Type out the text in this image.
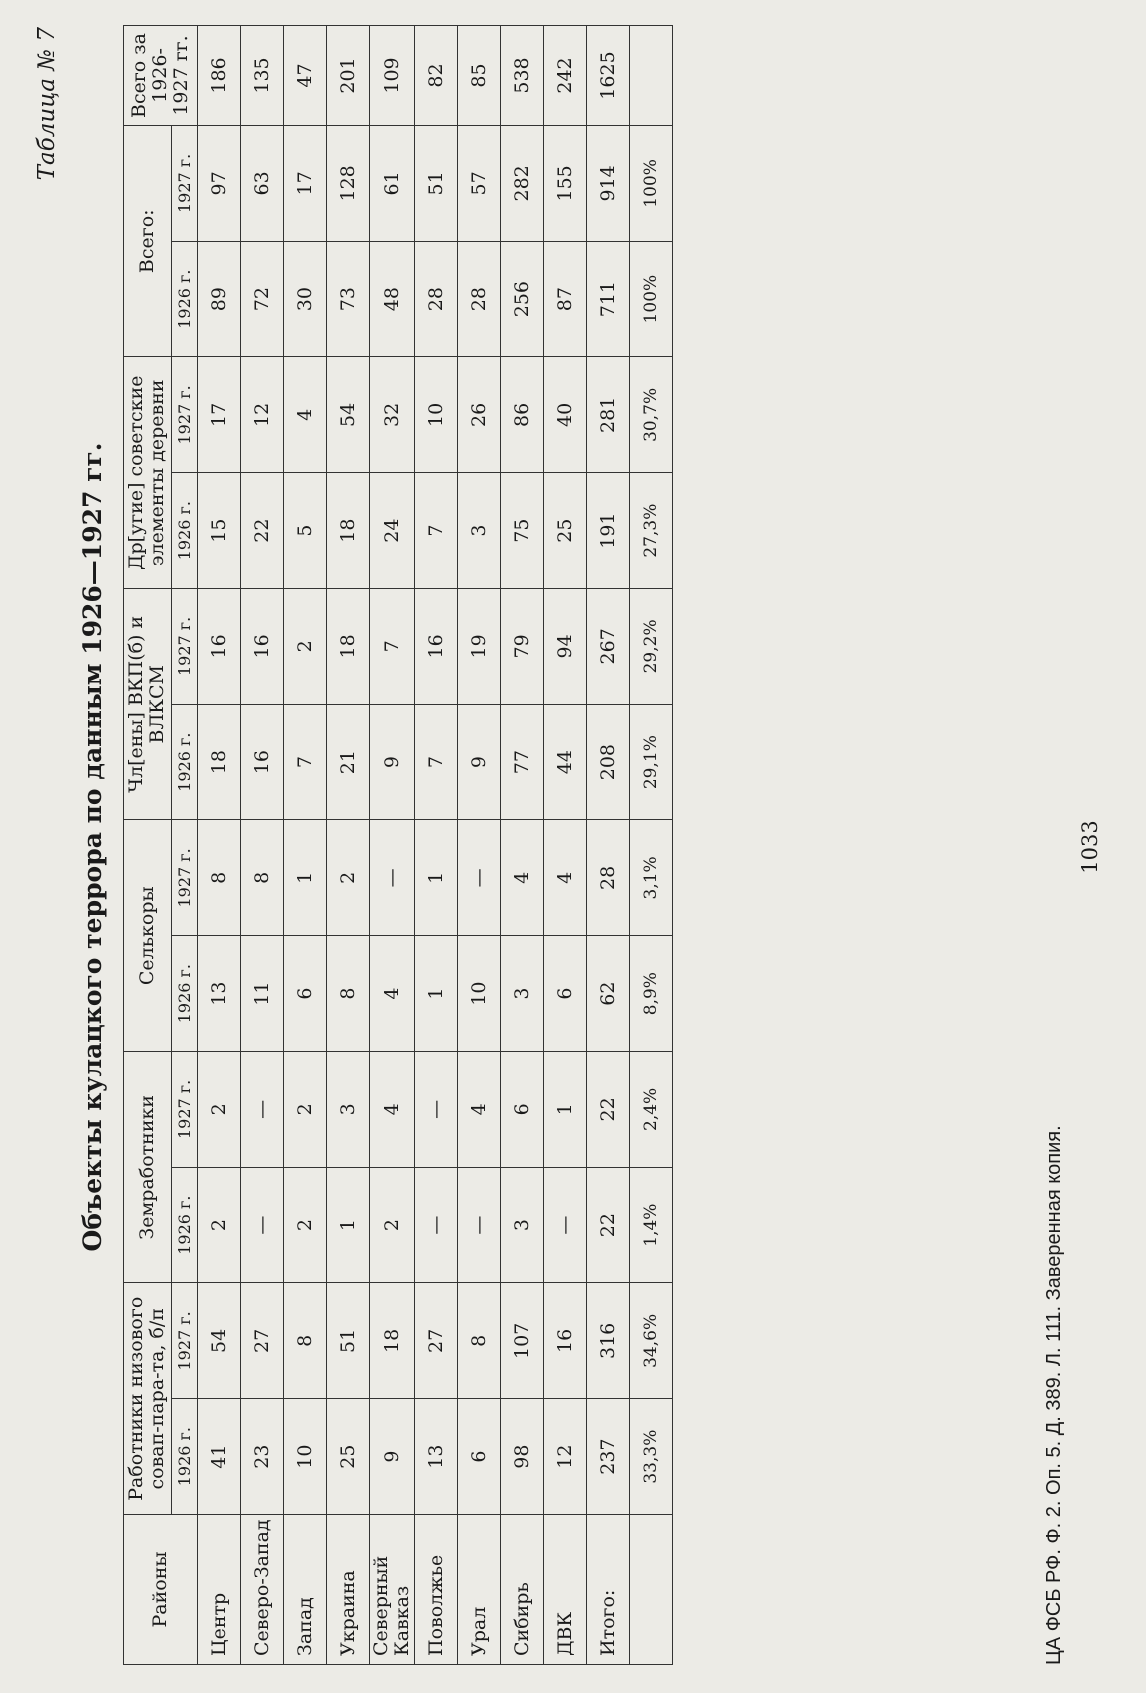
Таблица № 7
Объекты кулацкого террора по данным 1926—1927 гг.
Районы	Работники низового совап-пара-та, б/п		Земработники		Селькоры		Чл[ены] ВКП(б) и ВЛКСМ		Др[угие] советские элементы деревни		Всего:		Всего за 1926-1927 гг.
	1926 г.	1927 г.	1926 г.	1927 г.	1926 г.	1927 г.	1926 г.	1927 г.	1926 г.	1927 г.	1926 г.	1927 г.	
Центр	41	54	2	2	13	8	18	16	15	17	89	97	186
Северо-Запад	23	27	—	—	11	8	16	16	22	12	72	63	135
Запад	10	8	2	2	6	1	7	2	5	4	30	17	47
Украина	25	51	1	3	8	2	21	18	18	54	73	128	201
Северный Кавказ	9	18	2	4	4	—	9	7	24	32	48	61	109
Поволжье	13	27	—	—	1	1	7	16	7	10	28	51	82
Урал	6	8	—	4	10	—	9	19	3	26	28	57	85
Сибирь	98	107	3	6	3	4	77	79	75	86	256	282	538
ДВК	12	16	—	1	6	4	44	94	25	40	87	155	242
Итого:	237	316	22	22	62	28	208	267	191	281	711	914	1625
	33,3%	34,6%	1,4%	2,4%	8,9%	3,1%	29,1%	29,2%	27,3%	30,7%	100%	100%	
ЦА ФСБ РФ. Ф. 2. Оп. 5. Д. 389. Л. 111. Заверенная копия.
1033
